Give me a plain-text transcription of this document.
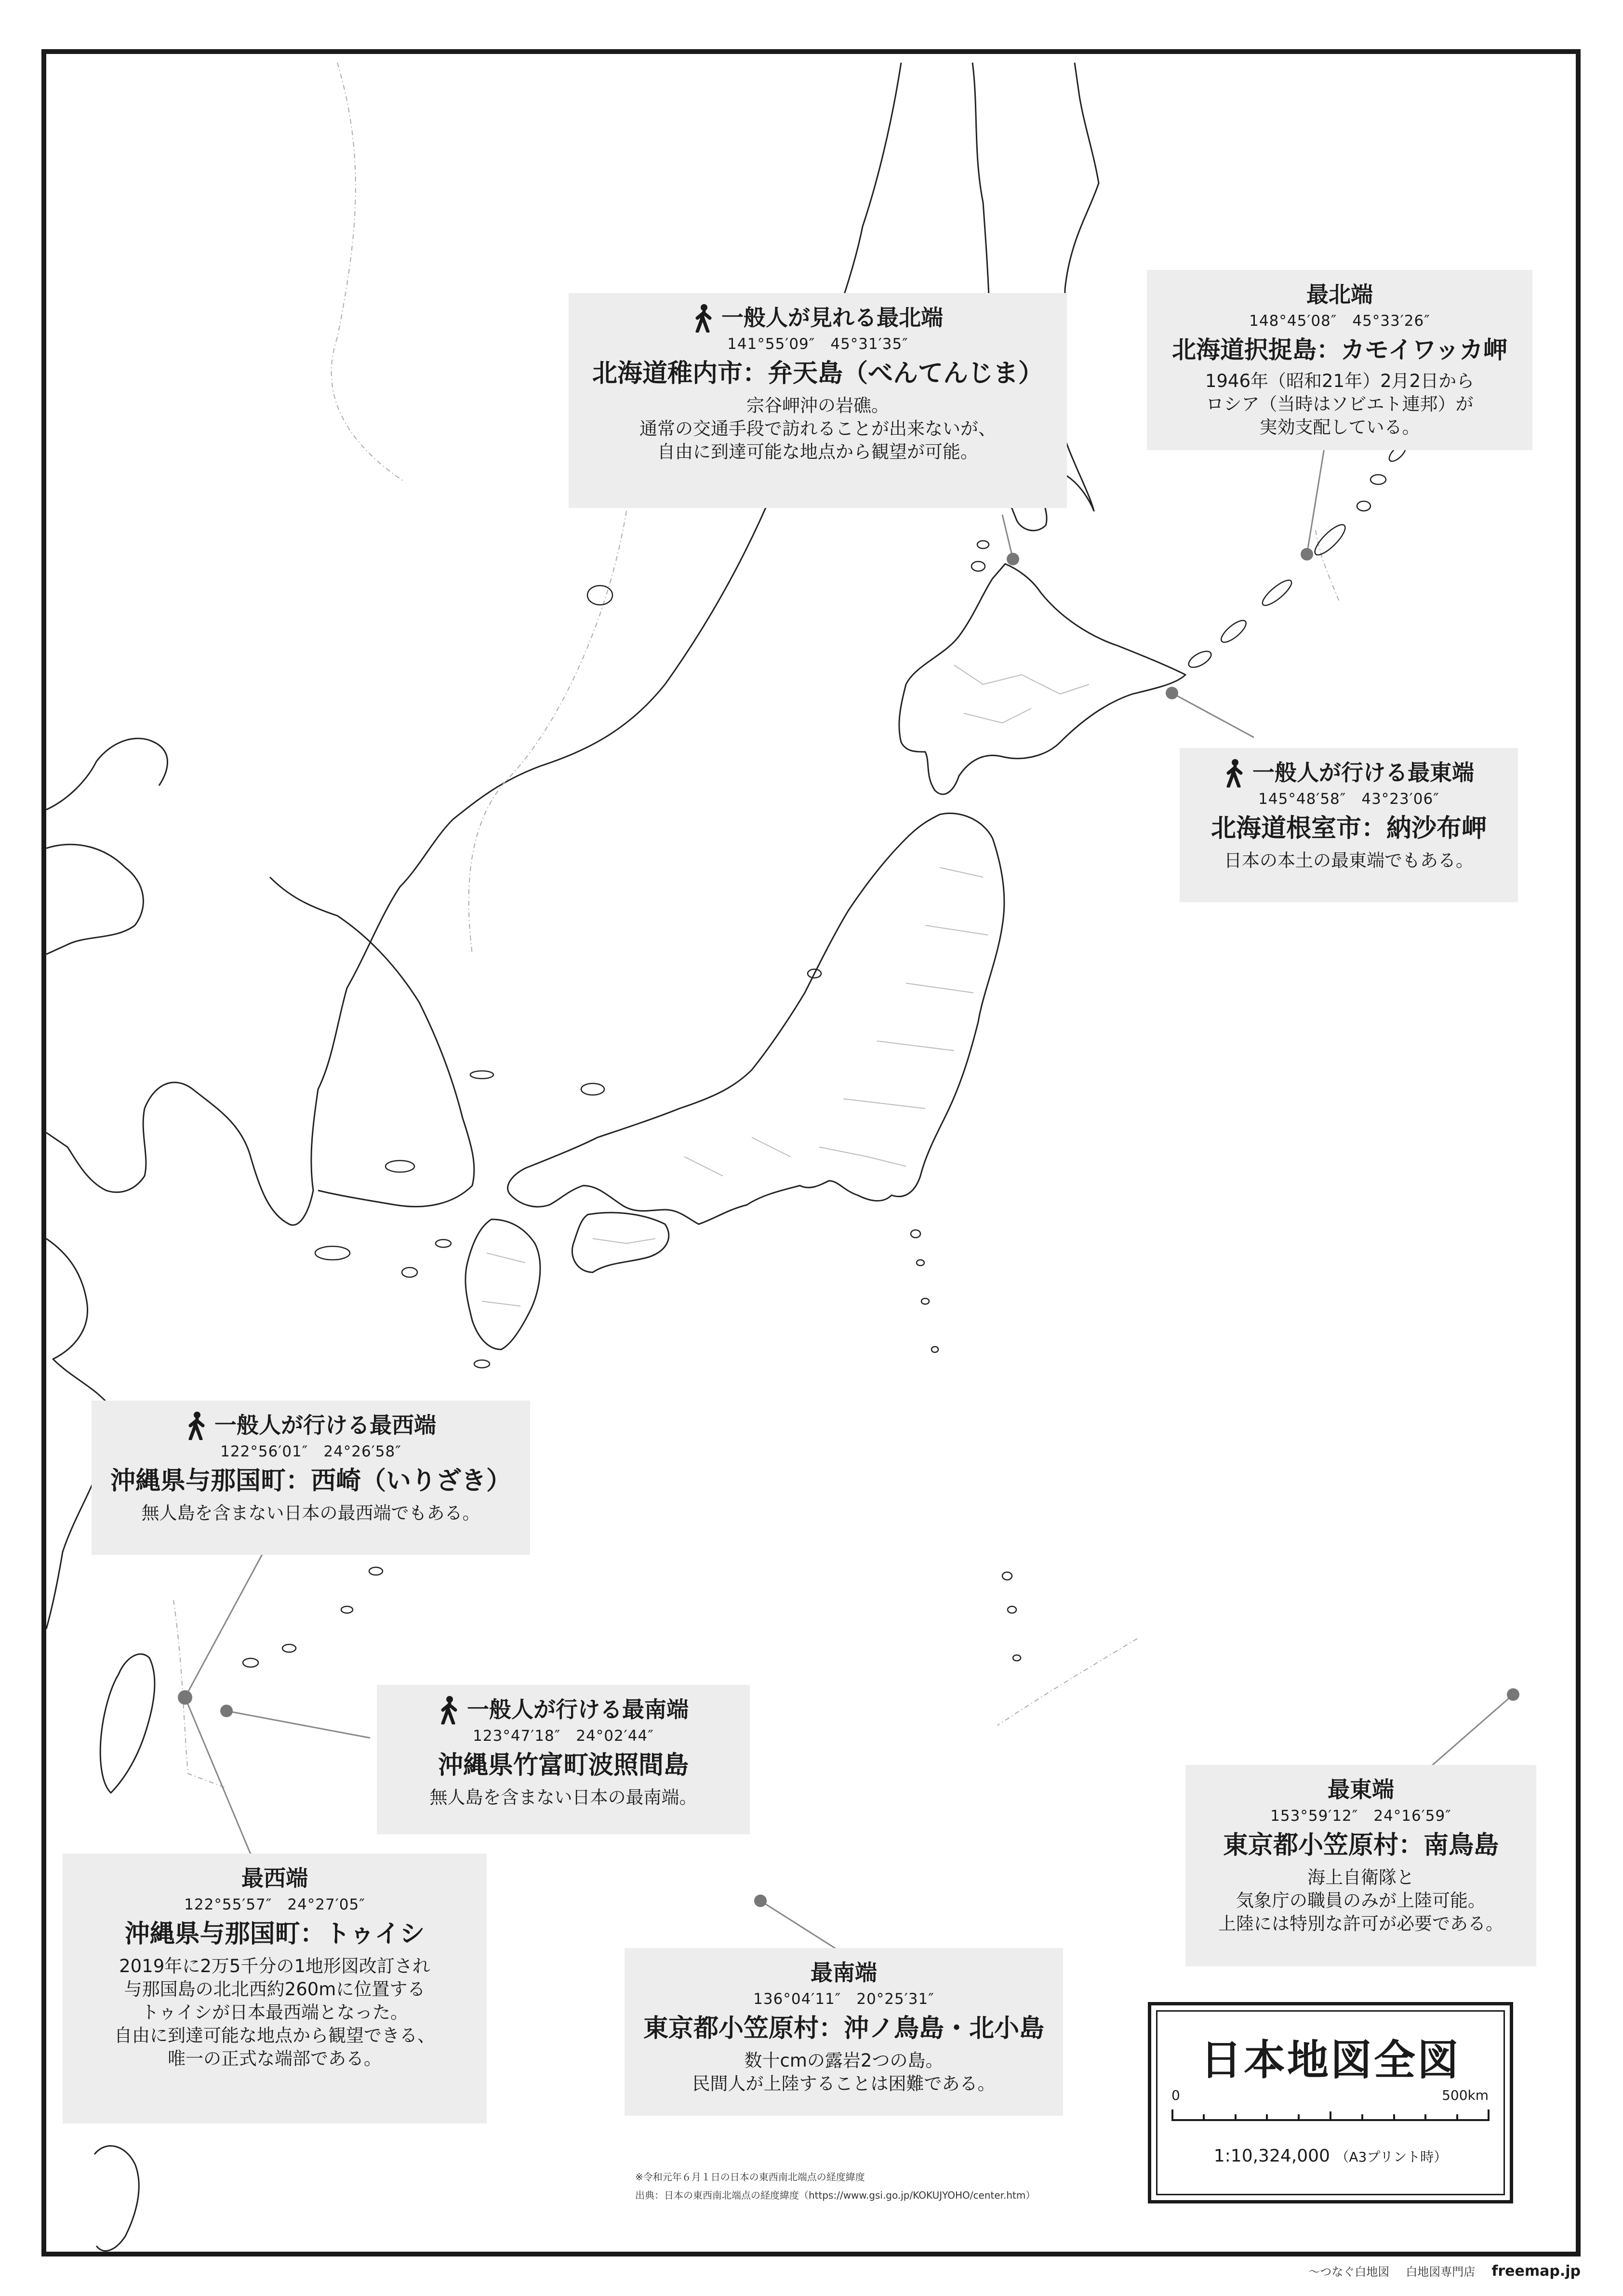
一般人が見れる最北端
141°55′09″　45°31′35″
北海道稚内市：弁天島（べんてんじま）
宗谷岬沖の岩礁。
通常の交通手段で訪れることが出来ないが、
自由に到達可能な地点から観望が可能。
最北端
148°45′08″　45°33′26″
北海道択捉島：カモイワッカ岬
1946年（昭和21年）2月2日から
ロシア（当時はソビエト連邦）が
実効支配している。
一般人が行ける最東端
145°48′58″　43°23′06″
北海道根室市：納沙布岬
日本の本土の最東端でもある。
一般人が行ける最西端
122°56′01″　24°26′58″
沖縄県与那国町：西崎（いりざき）
無人島を含まない日本の最西端でもある。
一般人が行ける最南端
123°47′18″　24°02′44″
沖縄県竹富町波照間島
無人島を含まない日本の最南端。	最東端
153°59′12″　24°16′59″
東京都小笠原村：南鳥島
海上自衛隊と
気象庁の職員のみが上陸可能。
上陸には特別な許可が必要である。
最西端
122°55′57″　24°27′05″
沖縄県与那国町：トゥイシ
2019年に2万5千分の1地形図改訂され
与那国島の北北西約260mに位置する
トゥイシが日本最西端となった。
自由に到達可能な地点から観望できる、
唯一の正式な端部である。
最南端
136°04′11″　20°25′31″
東京都小笠原村：沖ノ鳥島・北小島
数十cmの露岩2つの島。
民間人が上陸することは困難である。	日本地図全図
0	500km
1:10,324,000 （A3プリント時）
※令和元年６月１日の日本の東西南北端点の経度緯度
出典：日本の東西南北端点の経度緯度（https://www.gsi.go.jp/KOKUJYOHO/center.htm）
〜つなぐ白地図 白地図専門店 freemap.jp
